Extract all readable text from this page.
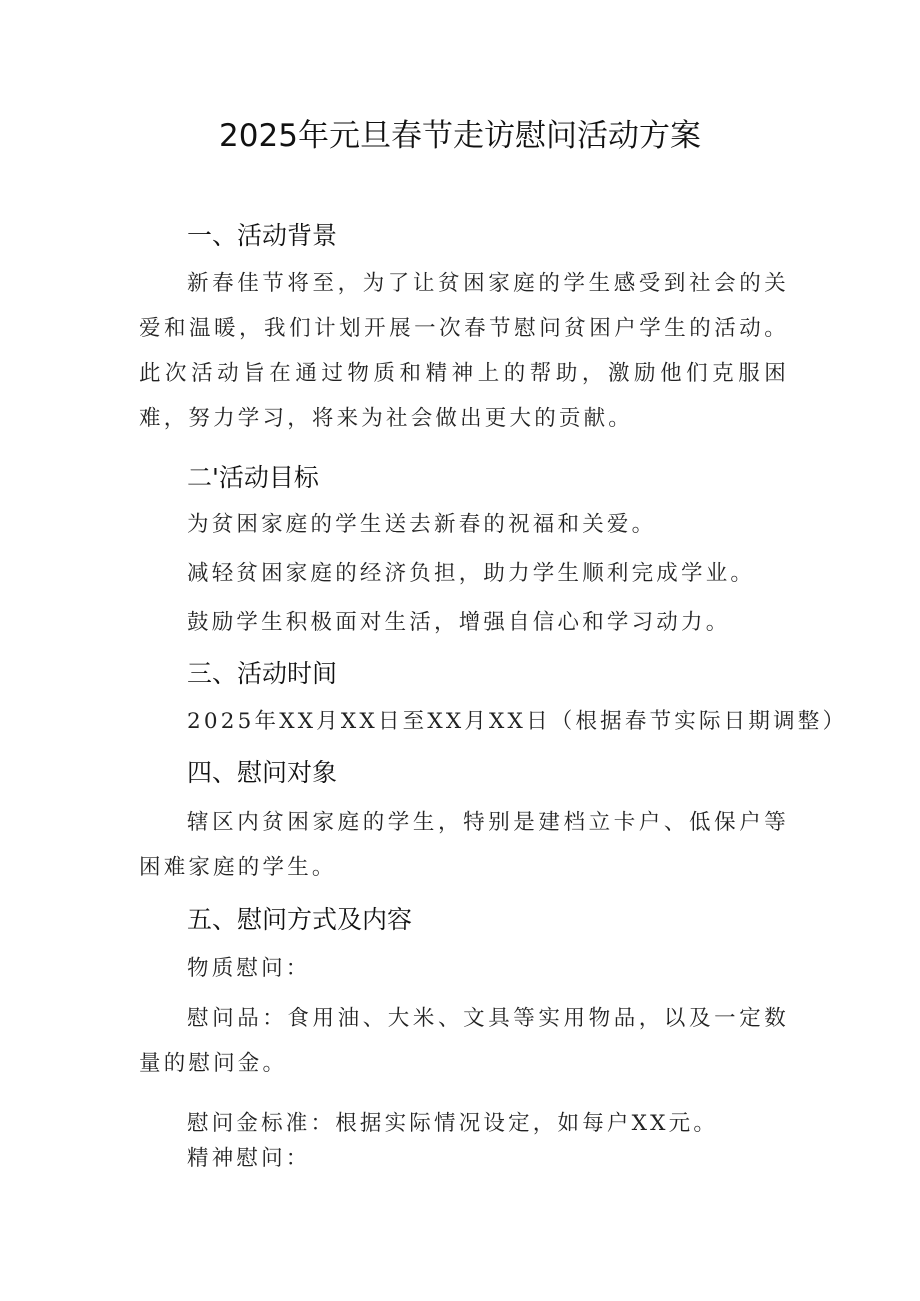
2025年元旦春节走访慰问活动方案
一、活动背景

新春佳节将至，为了让贫困家庭的学生感受到社会的关爱和温暖，我们计划开展一次春节慰问贫困户学生的活动。此次活动旨在通过物质和精神上的帮助，激励他们克服困难，努力学习，将来为社会做出更大的贡献。

二'活动目标

为贫困家庭的学生送去新春的祝福和关爱。

减轻贫困家庭的经济负担，助力学生顺利完成学业。

鼓励学生积极面对生活，增强自信心和学习动力。

三、活动时间

2025年XX月XX日至XX月XX日（根据春节实际日期调整）

四、慰问对象

辖区内贫困家庭的学生，特别是建档立卡户、低保户等困难家庭的学生。

五、慰问方式及内容

物质慰问：

慰问品：食用油、大米、文具等实用物品，以及一定数量的慰问金。

慰问金标准：根据实际情况设定，如每户XX元。

精神慰问：
